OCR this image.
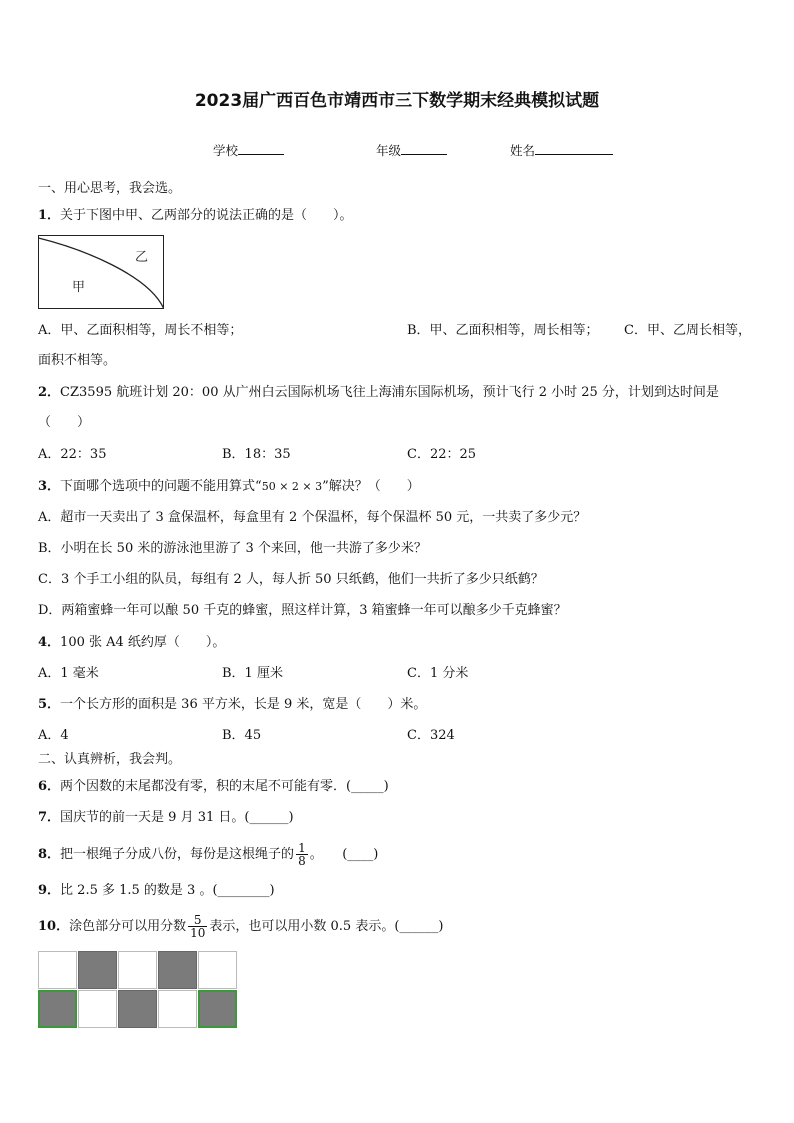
2023届广西百色市靖西市三下数学期末经典模拟试题
学校	年级	姓名
一、用心思考，我会选。
1．关于下图中甲、乙两部分的说法正确的是（　　）。
乙
甲
A．甲、乙面积相等，周长不相等；	B．甲、乙面积相等，周长相等； C．甲、乙周长相等，
面积不相等。
2．CZ3595 航班计划 20：00 从广州白云国际机场飞往上海浦东国际机场，预计飞行 2 小时 25 分，计划到达时间是
（　　）
A．22：35	B．18：35	C．22：25
3．下面哪个选项中的问题不能用算式“50 × 2 × 3”解决？（　　）
A．超市一天卖出了 3 盒保温杯，每盒里有 2 个保温杯，每个保温杯 50 元，一共卖了多少元？
B．小明在长 50 米的游泳池里游了 3 个来回，他一共游了多少米？
C．3 个手工小组的队员，每组有 2 人，每人折 50 只纸鹤，他们一共折了多少只纸鹤？
D．两箱蜜蜂一年可以酿 50 千克的蜂蜜，照这样计算，3 箱蜜蜂一年可以酿多少千克蜂蜜？
4．100 张 A4 纸约厚（　　）。
A．1 毫米	B．1 厘米	C．1 分米
5．一个长方形的面积是 36 平方米，长是 9 米，宽是（　　）米。
A．4	B．45	C．324
二、认真辨析，我会判。
6．两个因数的末尾都没有零，积的末尾不可能有零．(_____)
7．国庆节的前一天是 9 月 31 日。(______)
8．把一根绳子分成八份，每份是这根绳子的 $\frac{1}{8}$ 。　　(____)
9．比 2.5 多 1.5 的数是 3 。(________)
10．涂色部分可以用分数 $\frac{5}{10}$ 表示，也可以用小数 0.5 表示。(______)
